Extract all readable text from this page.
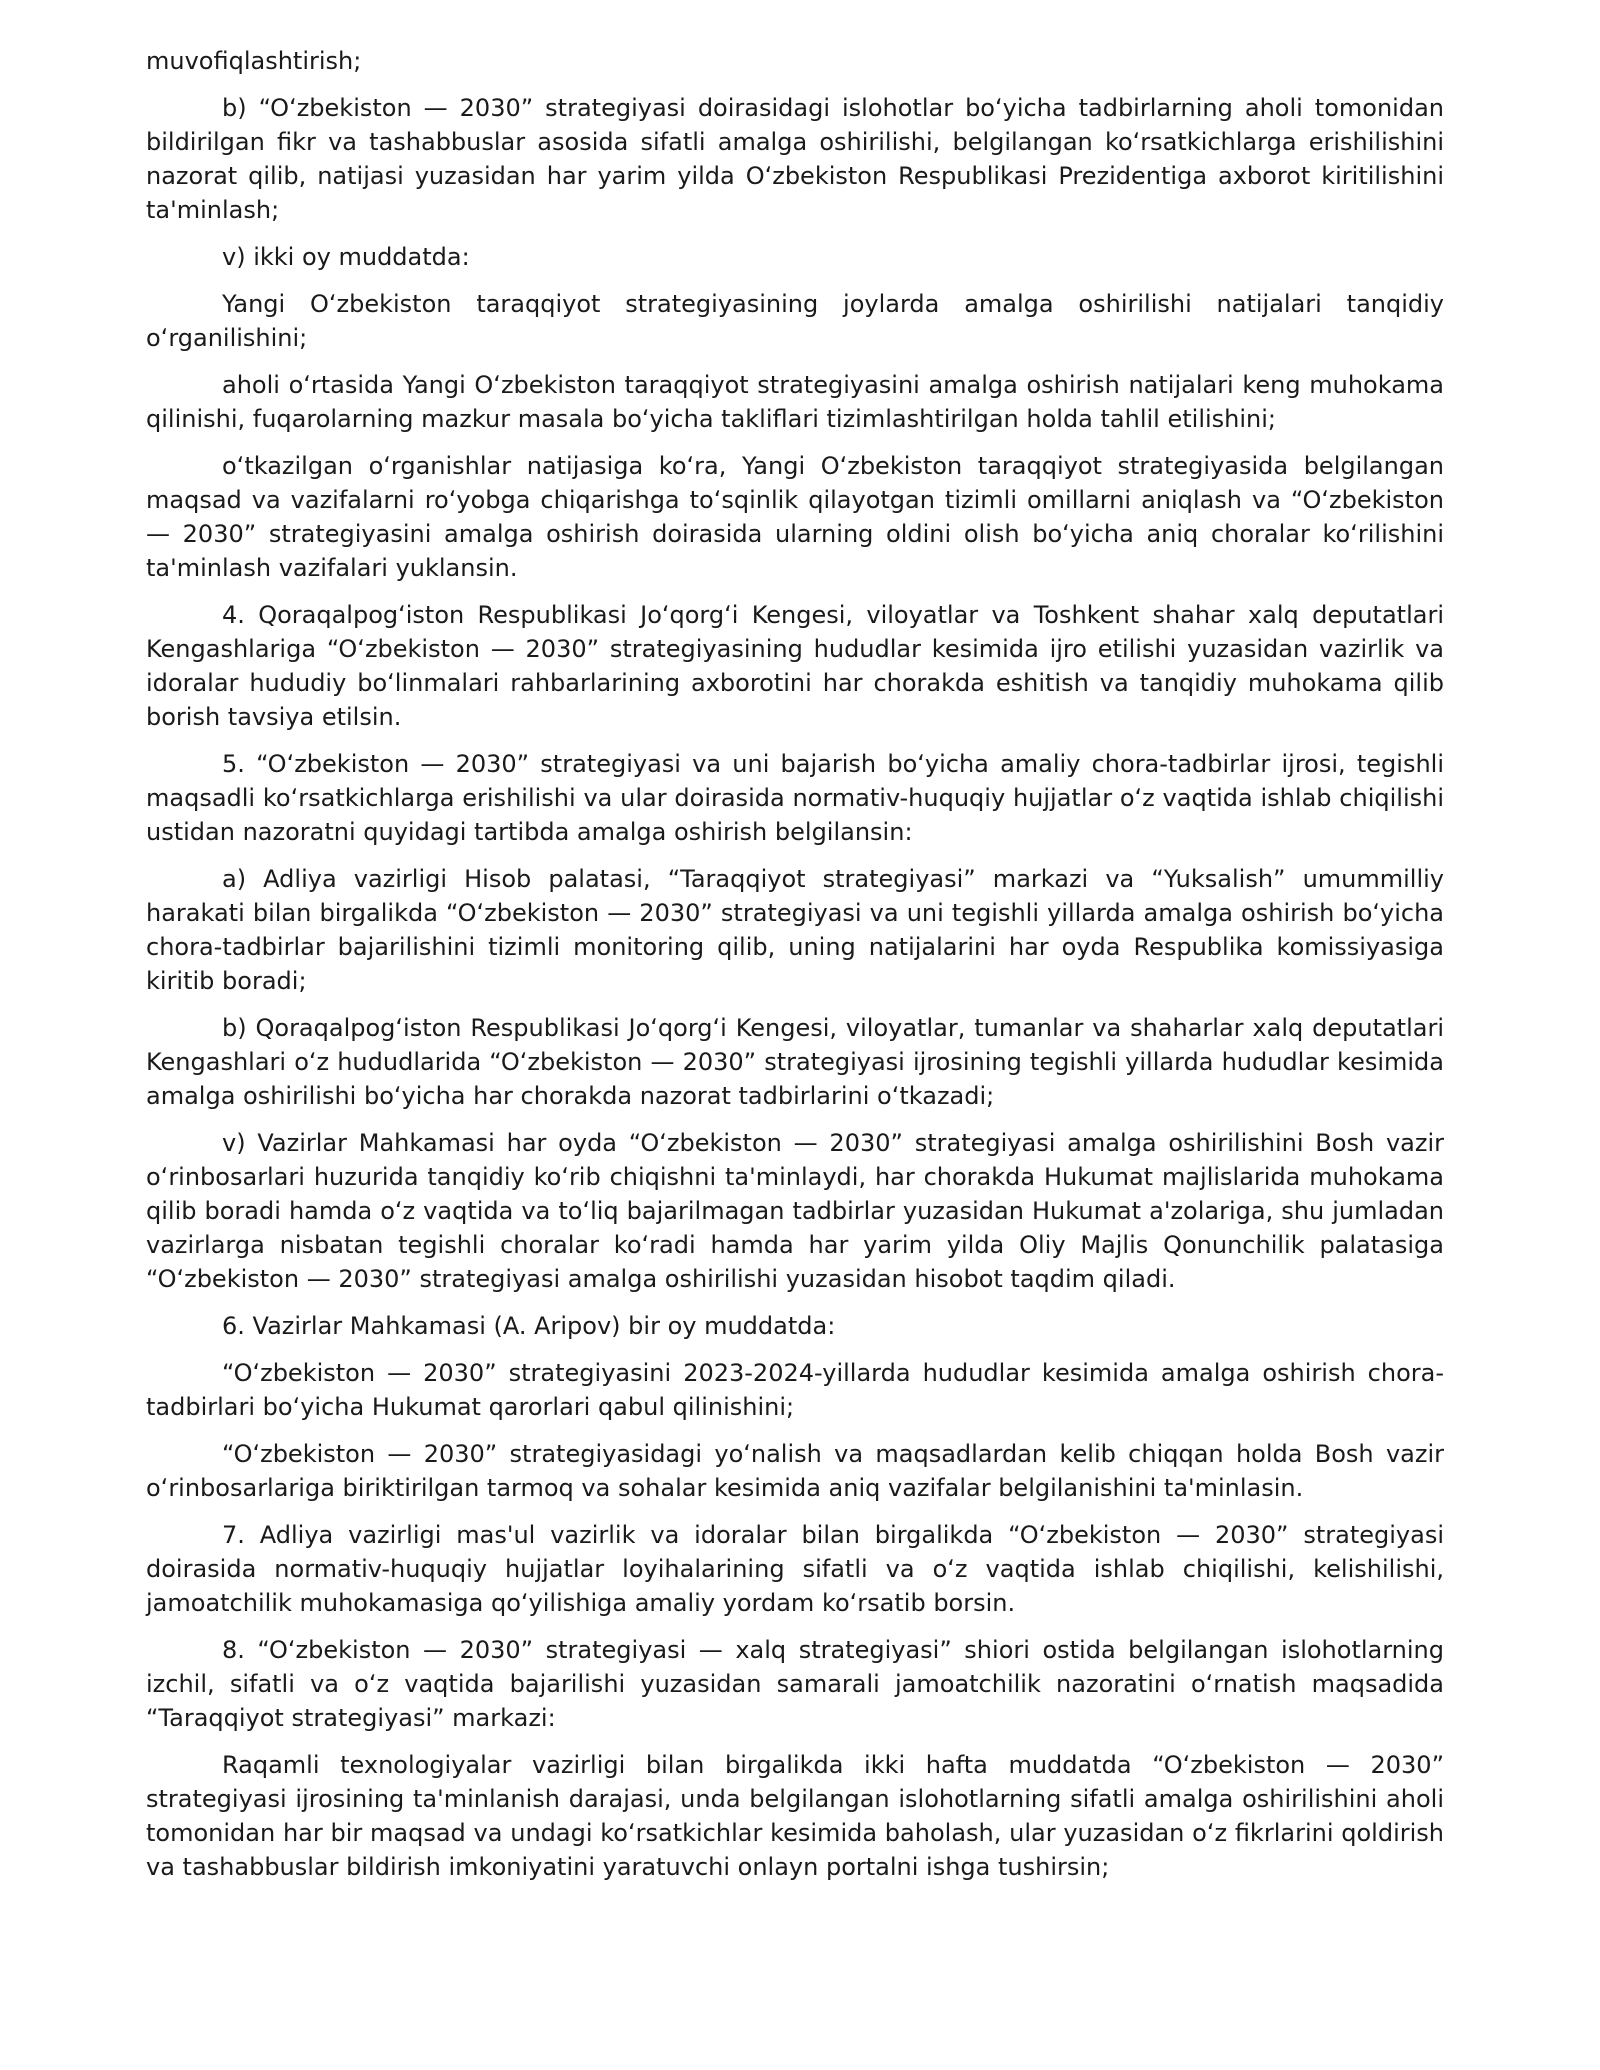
muvofiqlashtirish;

b) “Oʻzbekiston — 2030” strategiyasi doirasidagi islohotlar boʻyicha tadbirlarning aholi tomonidan bildirilgan fikr va tashabbuslar asosida sifatli amalga oshirilishi, belgilangan koʻrsatkichlarga erishilishini nazorat qilib, natijasi yuzasidan har yarim yilda Oʻzbekiston Respublikasi Prezidentiga axborot kiritilishini ta'minlash;

v) ikki oy muddatda:

Yangi Oʻzbekiston taraqqiyot strategiyasining joylarda amalga oshirilishi natijalari tanqidiy oʻrganilishini;

aholi oʻrtasida Yangi Oʻzbekiston taraqqiyot strategiyasini amalga oshirish natijalari keng muhokama qilinishi, fuqarolarning mazkur masala boʻyicha takliflari tizimlashtirilgan holda tahlil etilishini;

oʻtkazilgan oʻrganishlar natijasiga koʻra, Yangi Oʻzbekiston taraqqiyot strategiyasida belgilangan maqsad va vazifalarni roʻyobga chiqarishga toʻsqinlik qilayotgan tizimli omillarni aniqlash va “Oʻzbekiston — 2030” strategiyasini amalga oshirish doirasida ularning oldini olish boʻyicha aniq choralar koʻrilishini ta'minlash vazifalari yuklansin.

4. Qoraqalpogʻiston Respublikasi Joʻqorgʻi Kengesi, viloyatlar va Toshkent shahar xalq deputatlari Kengashlariga “Oʻzbekiston — 2030” strategiyasining hududlar kesimida ijro etilishi yuzasidan vazirlik va idoralar hududiy boʻlinmalari rahbarlarining axborotini har chorakda eshitish va tanqidiy muhokama qilib borish tavsiya etilsin.

5. “Oʻzbekiston — 2030” strategiyasi va uni bajarish boʻyicha amaliy chora-tadbirlar ijrosi, tegishli maqsadli koʻrsatkichlarga erishilishi va ular doirasida normativ-huquqiy hujjatlar oʻz vaqtida ishlab chiqilishi ustidan nazoratni quyidagi tartibda amalga oshirish belgilansin:

a) Adliya vazirligi Hisob palatasi, “Taraqqiyot strategiyasi” markazi va “Yuksalish” umummilliy harakati bilan birgalikda “Oʻzbekiston — 2030” strategiyasi va uni tegishli yillarda amalga oshirish boʻyicha chora-tadbirlar bajarilishini tizimli monitoring qilib, uning natijalarini har oyda Respublika komissiyasiga kiritib boradi;

b) Qoraqalpogʻiston Respublikasi Joʻqorgʻi Kengesi, viloyatlar, tumanlar va shaharlar xalq deputatlari Kengashlari oʻz hududlarida “Oʻzbekiston — 2030” strategiyasi ijrosining tegishli yillarda hududlar kesimida amalga oshirilishi boʻyicha har chorakda nazorat tadbirlarini oʻtkazadi;

v) Vazirlar Mahkamasi har oyda “Oʻzbekiston — 2030” strategiyasi amalga oshirilishini Bosh vazir oʻrinbosarlari huzurida tanqidiy koʻrib chiqishni ta'minlaydi, har chorakda Hukumat majlislarida muhokama qilib boradi hamda oʻz vaqtida va toʻliq bajarilmagan tadbirlar yuzasidan Hukumat a'zolariga, shu jumladan vazirlarga nisbatan tegishli choralar koʻradi hamda har yarim yilda Oliy Majlis Qonunchilik palatasiga “Oʻzbekiston — 2030” strategiyasi amalga oshirilishi yuzasidan hisobot taqdim qiladi.

6. Vazirlar Mahkamasi (A. Aripov) bir oy muddatda:

“Oʻzbekiston — 2030” strategiyasini 2023-2024-yillarda hududlar kesimida amalga oshirish chora-tadbirlari boʻyicha Hukumat qarorlari qabul qilinishini;

“Oʻzbekiston — 2030” strategiyasidagi yoʻnalish va maqsadlardan kelib chiqqan holda Bosh vazir oʻrinbosarlariga biriktirilgan tarmoq va sohalar kesimida aniq vazifalar belgilanishini ta'minlasin.

7. Adliya vazirligi mas'ul vazirlik va idoralar bilan birgalikda “Oʻzbekiston — 2030” strategiyasi doirasida normativ-huquqiy hujjatlar loyihalarining sifatli va oʻz vaqtida ishlab chiqilishi, kelishilishi, jamoatchilik muhokamasiga qoʻyilishiga amaliy yordam koʻrsatib borsin.

8. “Oʻzbekiston — 2030” strategiyasi — xalq strategiyasi” shiori ostida belgilangan islohotlarning izchil, sifatli va oʻz vaqtida bajarilishi yuzasidan samarali jamoatchilik nazoratini oʻrnatish maqsadida “Taraqqiyot strategiyasi” markazi:

Raqamli texnologiyalar vazirligi bilan birgalikda ikki hafta muddatda “Oʻzbekiston — 2030” strategiyasi ijrosining ta'minlanish darajasi, unda belgilangan islohotlarning sifatli amalga oshirilishini aholi tomonidan har bir maqsad va undagi koʻrsatkichlar kesimida baholash, ular yuzasidan oʻz fikrlarini qoldirish va tashabbuslar bildirish imkoniyatini yaratuvchi onlayn portalni ishga tushirsin;
